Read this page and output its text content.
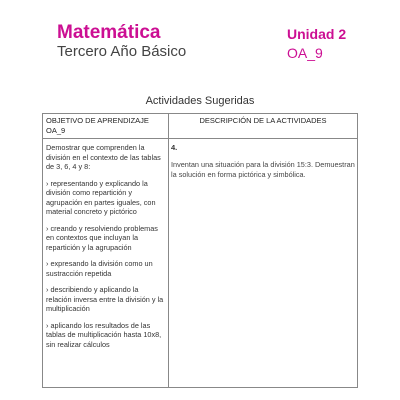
Matemática	Unidad 2
Tercero Año Básico	OA_9
Actividades Sugeridas
OBJETIVO DE APRENDIZAJE OA_9
DESCRIPCIÓN DE LA ACTIVIDADES

Demostrar que comprenden la división en el contexto de las tablas de 3, 6, 4 y 8:

› representando y explicando la división como repartición y agrupación en partes iguales, con material concreto y pictórico

› creando y resolviendo problemas en contextos que incluyan la repartición y la agrupación

› expresando la división como un sustracción repetida

› describiendo y aplicando la relación inversa entre la división y la multiplicación

› aplicando los resultados de las tablas de multiplicación hasta 10x8, sin realizar cálculos

4.
Inventan una situación para la división 15:3. Demuestran la solución en forma pictórica y simbólica.
